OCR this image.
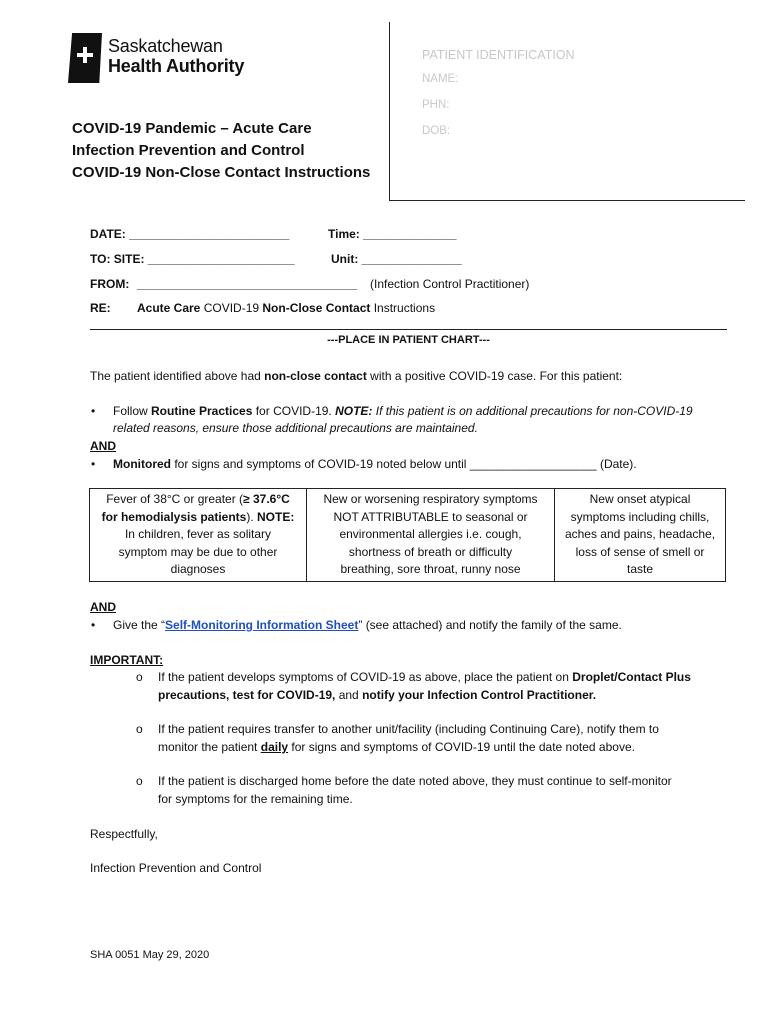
Saskatchewan
Health Authority
COVID-19 Pandemic – Acute Care
Infection Prevention and Control
COVID-19 Non-Close Contact Instructions
PATIENT IDENTIFICATION
NAME:
PHN:
DOB:
DATE: ________________________	Time: ______________
TO: SITE: ______________________	Unit: _______________
FROM: _________________________________ (Infection Control Practitioner)
RE: Acute Care COVID-19 Non-Close Contact Instructions
---PLACE IN PATIENT CHART---
The patient identified above had non-close contact with a positive COVID-19 case. For this patient:
• Follow Routine Practices for COVID-19. NOTE: If this patient is on additional precautions for non-COVID-19
related reasons, ensure those additional precautions are maintained.
AND
• Monitored for signs and symptoms of COVID-19 noted below until ___________________ (Date).
Fever of 38°C or greater (≥ 37.6°C
for hemodialysis patients). NOTE:
In children, fever as solitary
symptom may be due to other
diagnoses	New or worsening respiratory symptoms
NOT ATTRIBUTABLE to seasonal or
environmental allergies i.e. cough,
shortness of breath or difficulty
breathing, sore throat, runny nose	New onset atypical
symptoms including chills,
aches and pains, headache,
loss of sense of smell or
taste
AND
• Give the “Self-Monitoring Information Sheet” (see attached) and notify the family of the same.
IMPORTANT:
o If the patient develops symptoms of COVID-19 as above, place the patient on Droplet/Contact Plus
precautions, test for COVID-19, and notify your Infection Control Practitioner.
o If the patient requires transfer to another unit/facility (including Continuing Care), notify them to
monitor the patient daily for signs and symptoms of COVID-19 until the date noted above.
o If the patient is discharged home before the date noted above, they must continue to self-monitor
for symptoms for the remaining time.
Respectfully,
Infection Prevention and Control
SHA 0051 May 29, 2020
